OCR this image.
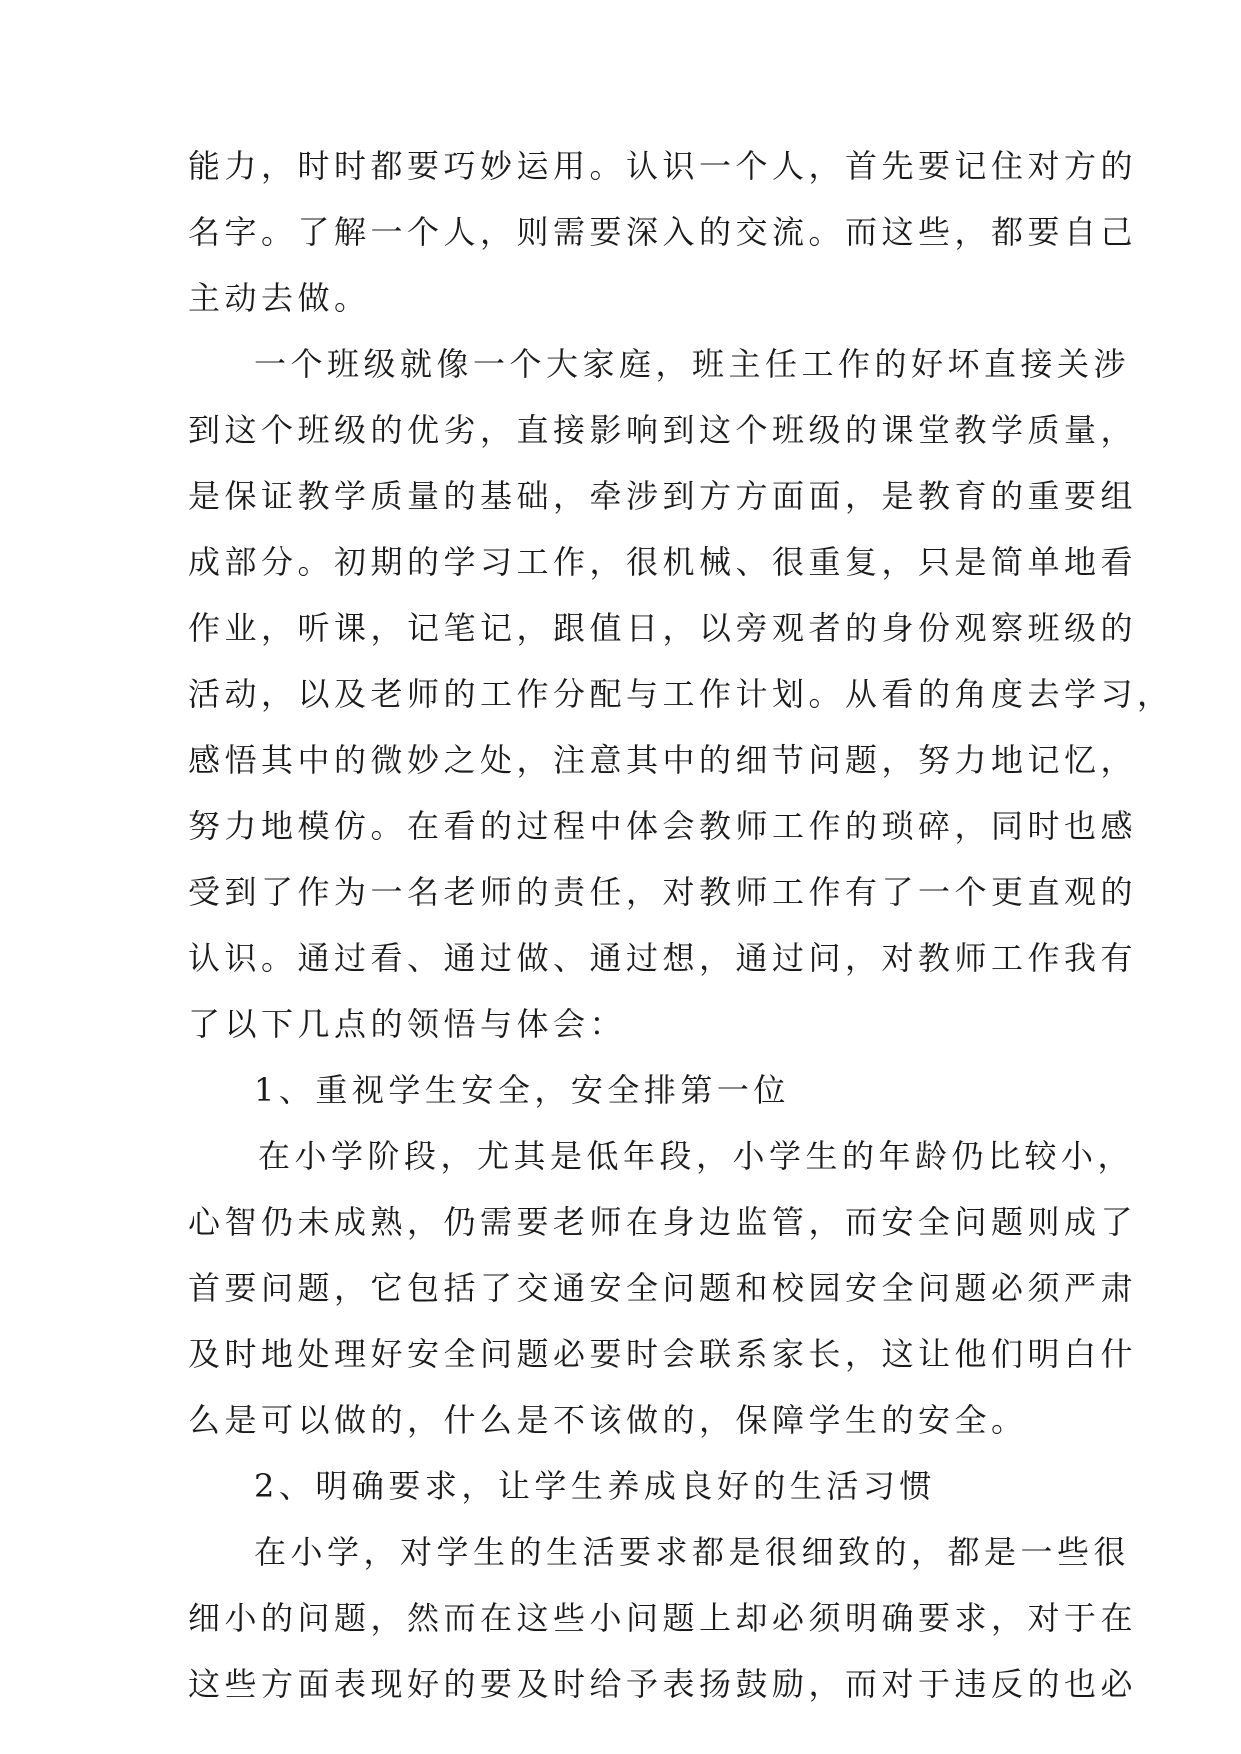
能力，时时都要巧妙运用。认识一个人，首先要记住对方的
名字。了解一个人，则需要深入的交流。而这些，都要自己
主动去做。
一个班级就像一个大家庭，班主任工作的好坏直接关涉
到这个班级的优劣，直接影响到这个班级的课堂教学质量，
是保证教学质量的基础，牵涉到方方面面，是教育的重要组
成部分。初期的学习工作，很机械、很重复，只是简单地看
作业，听课，记笔记，跟值日，以旁观者的身份观察班级的
活动，以及老师的工作分配与工作计划。从看的角度去学习，
感悟其中的微妙之处，注意其中的细节问题，努力地记忆，
努力地模仿。在看的过程中体会教师工作的琐碎，同时也感
受到了作为一名老师的责任，对教师工作有了一个更直观的
认识。通过看、通过做、通过想，通过问，对教师工作我有
了以下几点的领悟与体会：
1、重视学生安全，安全排第一位
在小学阶段，尤其是低年段，小学生的年龄仍比较小，
心智仍未成熟，仍需要老师在身边监管，而安全问题则成了
首要问题，它包括了交通安全问题和校园安全问题必须严肃
及时地处理好安全问题必要时会联系家长，这让他们明白什
么是可以做的，什么是不该做的，保障学生的安全。
2、明确要求，让学生养成良好的生活习惯
在小学，对学生的生活要求都是很细致的，都是一些很
细小的问题，然而在这些小问题上却必须明确要求，对于在
这些方面表现好的要及时给予表扬鼓励，而对于违反的也必
